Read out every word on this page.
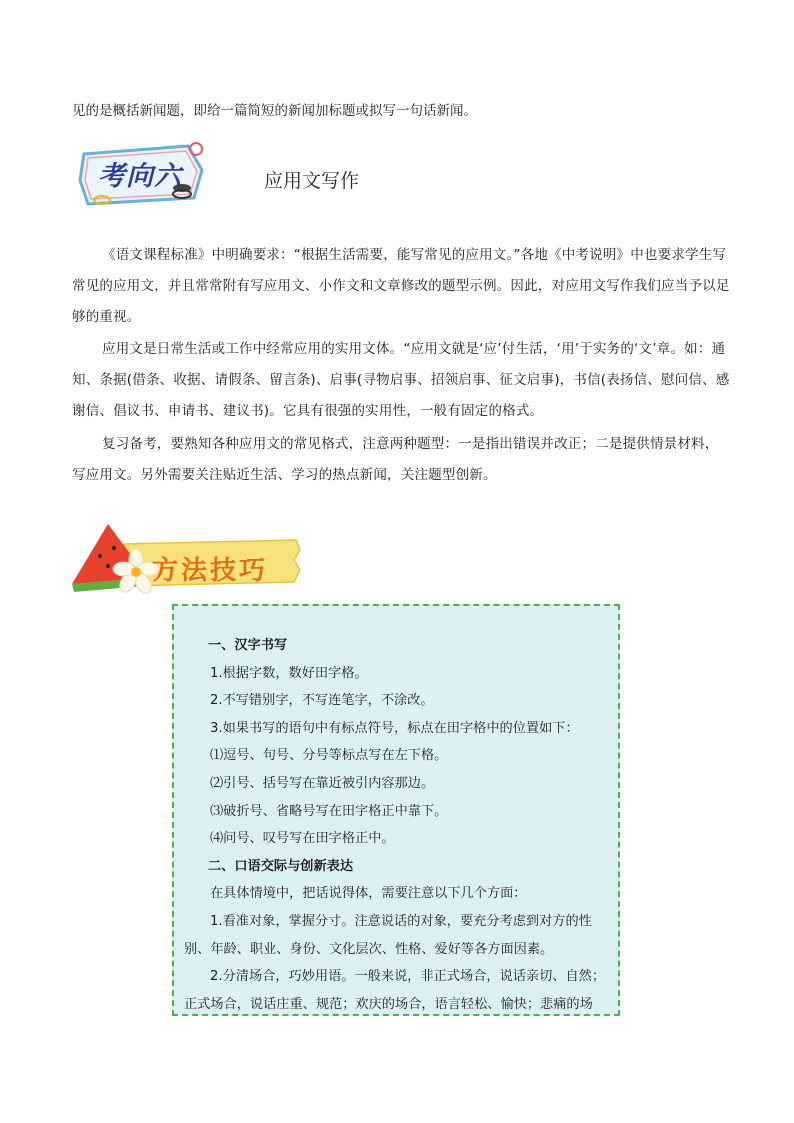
见的是概括新闻题，即给一篇简短的新闻加标题或拟写一句话新闻。
考向六	应用文写作
《语文课程标准》中明确要求：“根据生活需要，能写常见的应用文。”各地《中考说明》中也要求学生写常见的应用文，并且常常附有写应用文、小作文和文章修改的题型示例。因此，对应用文写作我们应当予以足够的重视。
应用文是日常生活或工作中经常应用的实用文体。“应用文就是‘应’付生活，‘用’于实务的‘文’章。如：通知、条据(借条、收据、请假条、留言条)、启事(寻物启事、招领启事、征文启事)，书信(表扬信、慰问信、感谢信、倡议书、申请书、建议书)。它具有很强的实用性，一般有固定的格式。
复习备考，要熟知各种应用文的常见格式，注意两种题型：一是指出错误并改正；二是提供情景材料，写应用文。另外需要关注贴近生活、学习的热点新闻，关注题型创新。
方法技巧

一、汉字书写

1.根据字数，数好田字格。

2.不写错别字，不写连笔字，不涂改。

3.如果书写的语句中有标点符号，标点在田字格中的位置如下：

⑴逗号、句号、分号等标点写在左下格。

⑵引号、括号写在靠近被引内容那边。

⑶破折号、省略号写在田字格正中靠下。

⑷问号、叹号写在田字格正中。

二、口语交际与创新表达

在具体情境中，把话说得体，需要注意以下几个方面：

1.看准对象，掌握分寸。注意说话的对象，要充分考虑到对方的性

别、年龄、职业、身份、文化层次、性格、爱好等各方面因素。

2.分清场合，巧妙用语。一般来说，非正式场合，说话亲切、自然；

正式场合，说话庄重、规范；欢庆的场合，语言轻松、愉快；悲痛的场
